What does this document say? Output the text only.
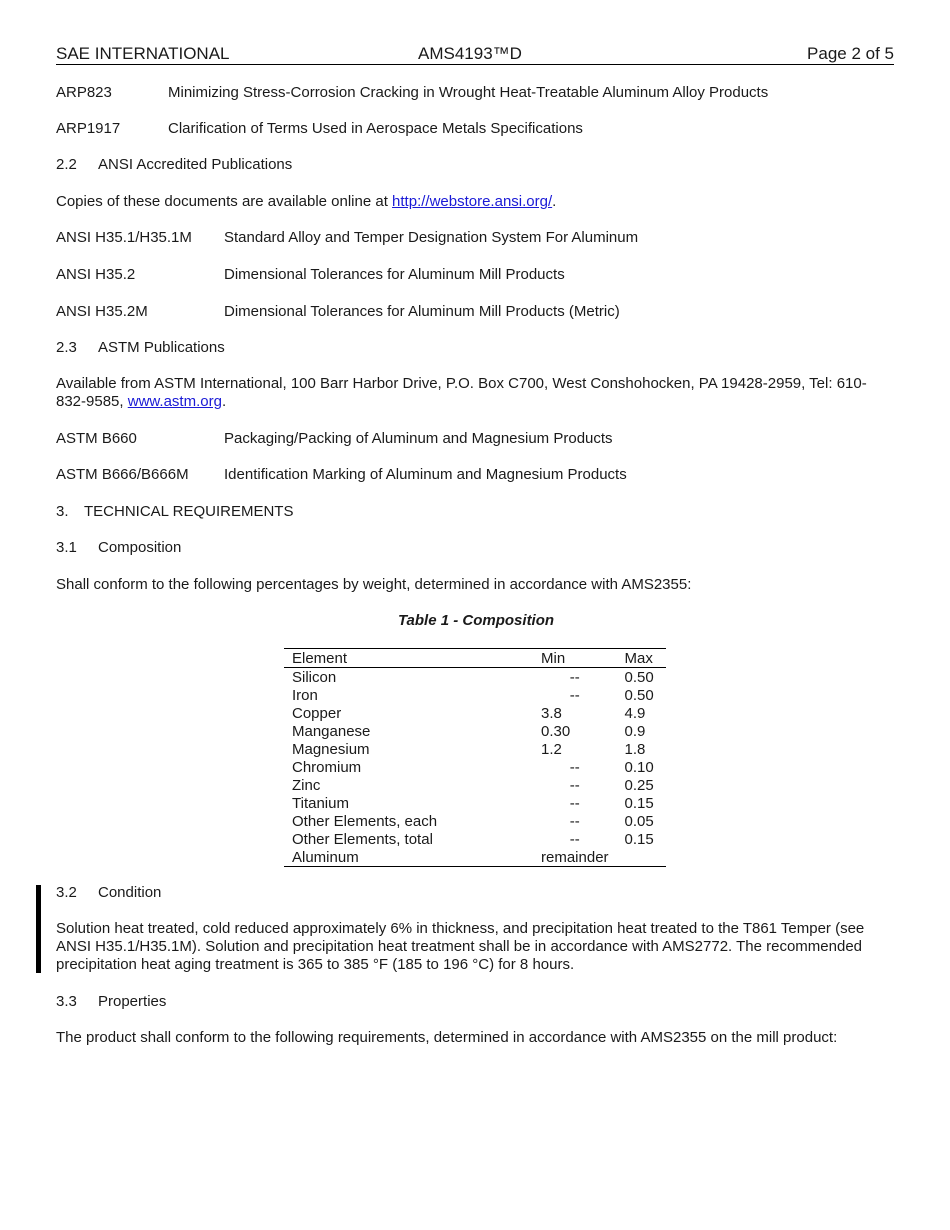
SAE INTERNATIONAL	AMS4193™D	Page 2 of 5
ARP823	Minimizing Stress-Corrosion Cracking in Wrought Heat-Treatable Aluminum Alloy Products
ARP1917	Clarification of Terms Used in Aerospace Metals Specifications
2.2 ANSI Accredited Publications
Copies of these documents are available online at http://webstore.ansi.org/.
ANSI H35.1/H35.1M Standard Alloy and Temper Designation System For Aluminum
ANSI H35.2	Dimensional Tolerances for Aluminum Mill Products
ANSI H35.2M	Dimensional Tolerances for Aluminum Mill Products (Metric)
2.3 ASTM Publications
Available from ASTM International, 100 Barr Harbor Drive, P.O. Box C700, West Conshohocken, PA 19428-2959, Tel: 610-832-9585, www.astm.org.
ASTM B660	Packaging/Packing of Aluminum and Magnesium Products
ASTM B666/B666M Identification Marking of Aluminum and Magnesium Products
3. TECHNICAL REQUIREMENTS
3.1 Composition
Shall conform to the following percentages by weight, determined in accordance with AMS2355:
Table 1 - Composition
Element	Min	Max
Silicon	--	0.50
Iron	--	0.50
Copper	3.8	4.9
Manganese	0.30	0.9
Magnesium	1.2	1.8
Chromium	--	0.10
Zinc	--	0.25
Titanium	--	0.15
Other Elements, each	--	0.05
Other Elements, total	--	0.15
Aluminum	remainder	
3.2 Condition
Solution heat treated, cold reduced approximately 6% in thickness, and precipitation heat treated to the T861 Temper (see ANSI H35.1/H35.1M). Solution and precipitation heat treatment shall be in accordance with AMS2772. The recommended precipitation heat aging treatment is 365 to 385 °F (185 to 196 °C) for 8 hours.
3.3 Properties
The product shall conform to the following requirements, determined in accordance with AMS2355 on the mill product:
